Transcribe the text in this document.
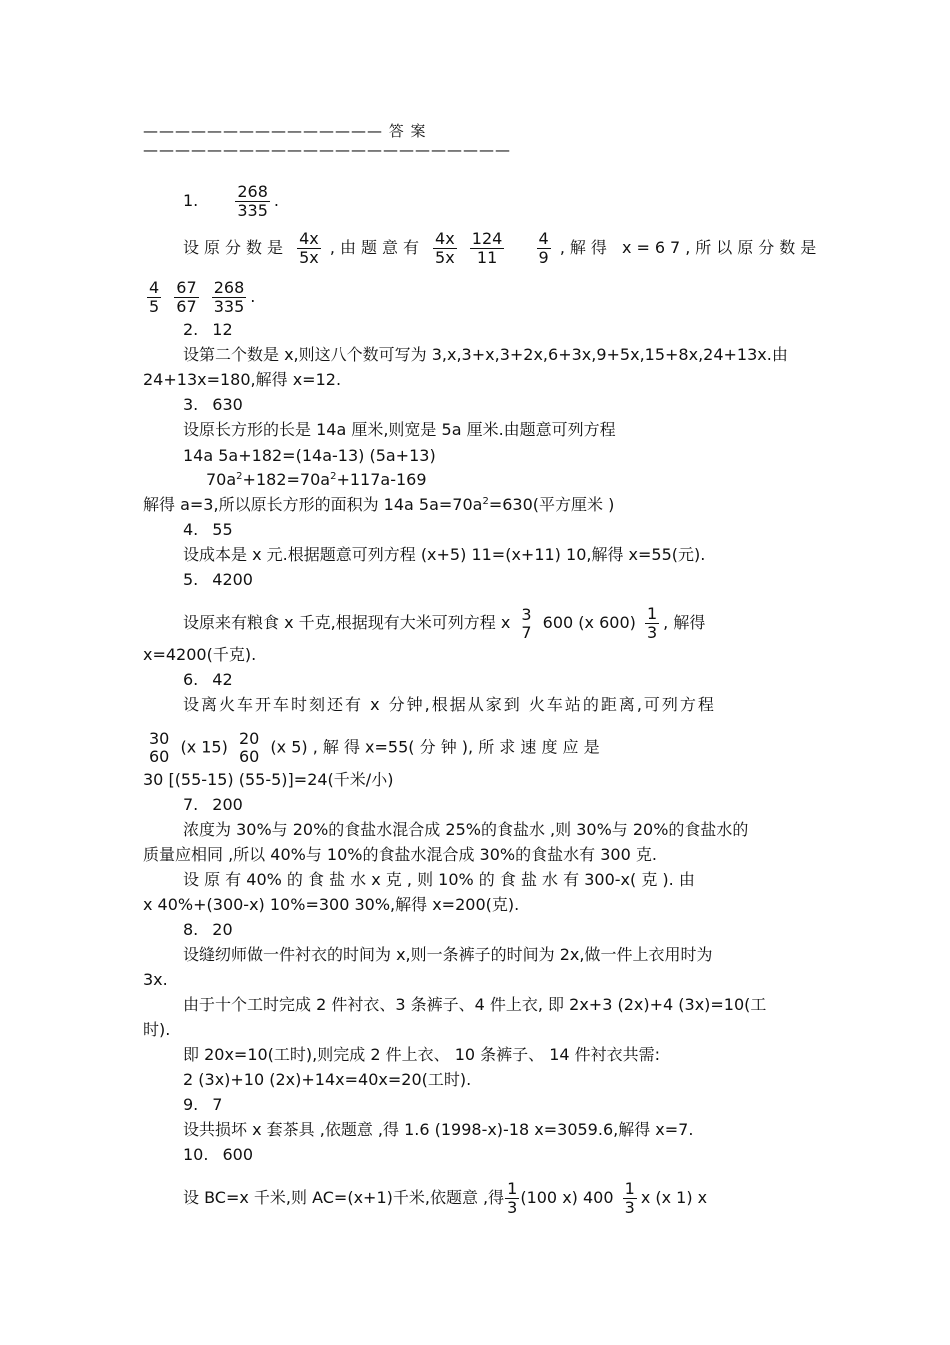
——————————————— 答 案———————————————————————
1. $\frac{268}{335}$ .
设原分数是 $\frac{4x}{5x}$ ,由题意有 $\frac{4x}{5x}$
$\frac{124}{11}$
$\frac{4}{9}$ ,解得 x=67,所以原分数是
$\frac{4}{5}$
$\frac{67}{67}$
$\frac{268}{335}$ .
2. 12
设第二个数是 x,则这八个数可写为 3,x,3+x,3+2x,6+3x,9+5x,15+8x,24+13x.由
24+13x=180,解得 x=12.
3. 630
设原长方形的长是 14a 厘米,则宽是 5a 厘米.由题意可列方程
14a 5a+182=(14a-13) (5a+13)
$70a^2+182=70a^2+117a-169$
解得 a=3,所以原长方形的面积为 14a $5a=70a^2=630$(平方厘米 )
4. 55
设成本是 x 元.根据题意可列方程 (x+5) 11=(x+11) 10,解得 x=55(元).
5. 4200
设原来有粮食 x 千克,根据现有大米可列方程 x 3
7 600 (x $600) \frac{1}{3}$ , 解得
x=4200(千克).
6. 42
设离火车开车时刻还有 x 分钟,根据从家到 火车站的距离,可列方程
30
60 (x 15) 20
60 (x 5) , 解 得 x=55( 分 钟 ), 所 求 速 度 应 是
30 [(55-15) (55-5)]=24(千米/小)
7. 200
浓度为 30%与 20%的食盐水混合成 25%的食盐水 ,则 30%与 20%的食盐水的
质量应相同 ,所以 40%与 10%的食盐水混合成 30%的食盐水有 300 克.
设 原 有 40% 的 食 盐 水 x 克 , 则 10% 的 食 盐 水 有 300-x( 克 ). 由
x 40%+(300-x) 10%=300 30%,解得 x=200(克).
8. 20
设缝纫师做一件衬衣的时间为 x,则一条裤子的时间为 2x,做一件上衣用时为
3x.
由于十个工时完成 2 件衬衣、3 条裤子、4 件上衣, 即 2x+3 (2x)+4 (3x)=10(工
时).
即 20x=10(工时),则完成 2 件上衣、 10 条裤子、 14 件衬衣共需:
2 (3x)+10 (2x)+14x=40x=20(工时).
9. 7
设共损坏 x 套茶具 ,依题意 ,得 1.6 (1998-x)-18 x=3059.6,解得 x=7.
10. 600
设 BC=x 千米,则 AC=(x+1)千米,依题意 ,得 $\frac{1}{3} (100$ x) $400 \frac{1}{3}$ x (x 1) x
